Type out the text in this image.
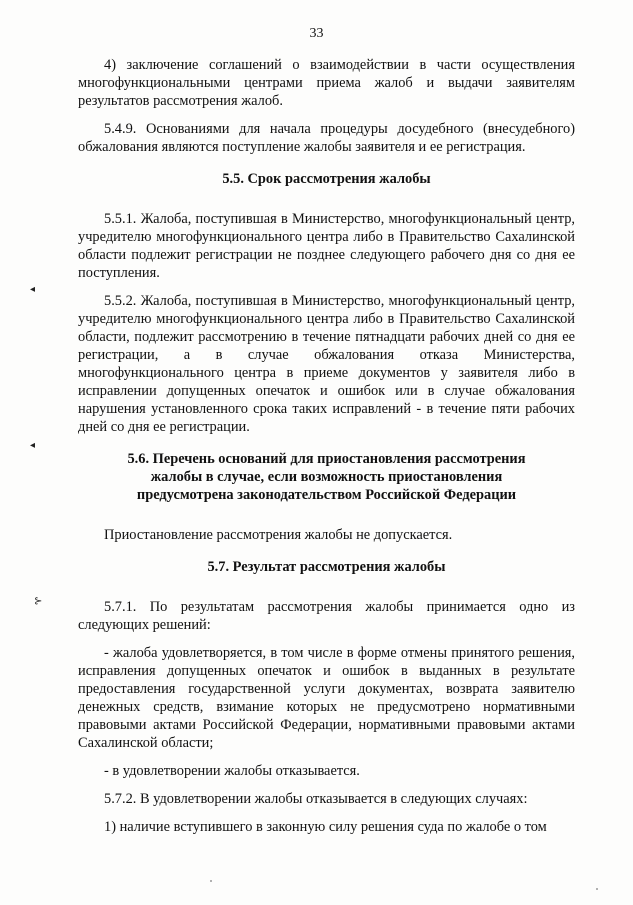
33
◂
◂
⊱

4) заключение соглашений о взаимодействии в части осуществления многофункциональными центрами приема жалоб и выдачи заявителям результатов рассмотрения жалоб.

5.4.9. Основаниями для начала процедуры досудебного (внесудебного) обжалования являются поступление жалобы заявителя и ее регистрация.

5.5. Срок рассмотрения жалобы

5.5.1. Жалоба, поступившая в Министерство, многофункциональный центр, учредителю многофункционального центра либо в Правительство Сахалинской области подлежит регистрации не позднее следующего рабочего дня со дня ее поступления.

5.5.2. Жалоба, поступившая в Министерство, многофункциональный центр, учредителю многофункционального центра либо в Правительство Сахалинской области, подлежит рассмотрению в течение пятнадцати рабочих дней со дня ее регистрации, а в случае обжалования отказа Министерства, многофункционального центра в приеме документов у заявителя либо в исправлении допущенных опечаток и ошибок или в случае обжалования нарушения установленного срока таких исправлений - в течение пяти рабочих дней со дня ее регистрации.

5.6. Перечень оснований для приостановления рассмотрения жалобы в случае, если возможность приостановления предусмотрена законодательством Российской Федерации

Приостановление рассмотрения жалобы не допускается.

5.7. Результат рассмотрения жалобы

5.7.1. По результатам рассмотрения жалобы принимается одно из следующих решений:

- жалоба удовлетворяется, в том числе в форме отмены принятого решения, исправления допущенных опечаток и ошибок в выданных в результате предоставления государственной услуги документах, возврата заявителю денежных средств, взимание которых не предусмотрено нормативными правовыми актами Российской Федерации, нормативными правовыми актами Сахалинской области;

- в удовлетворении жалобы отказывается.

5.7.2. В удовлетворении жалобы отказывается в следующих случаях:

1) наличие вступившего в законную силу решения суда по жалобе о том
